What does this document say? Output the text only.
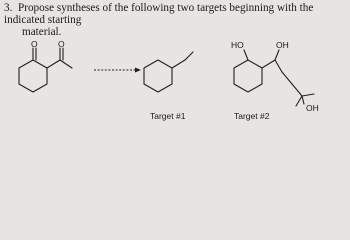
3. Propose syntheses of the following two targets beginning with the indicated starting
material.

O O
Target #1
HO	OH
OH
Target #2
